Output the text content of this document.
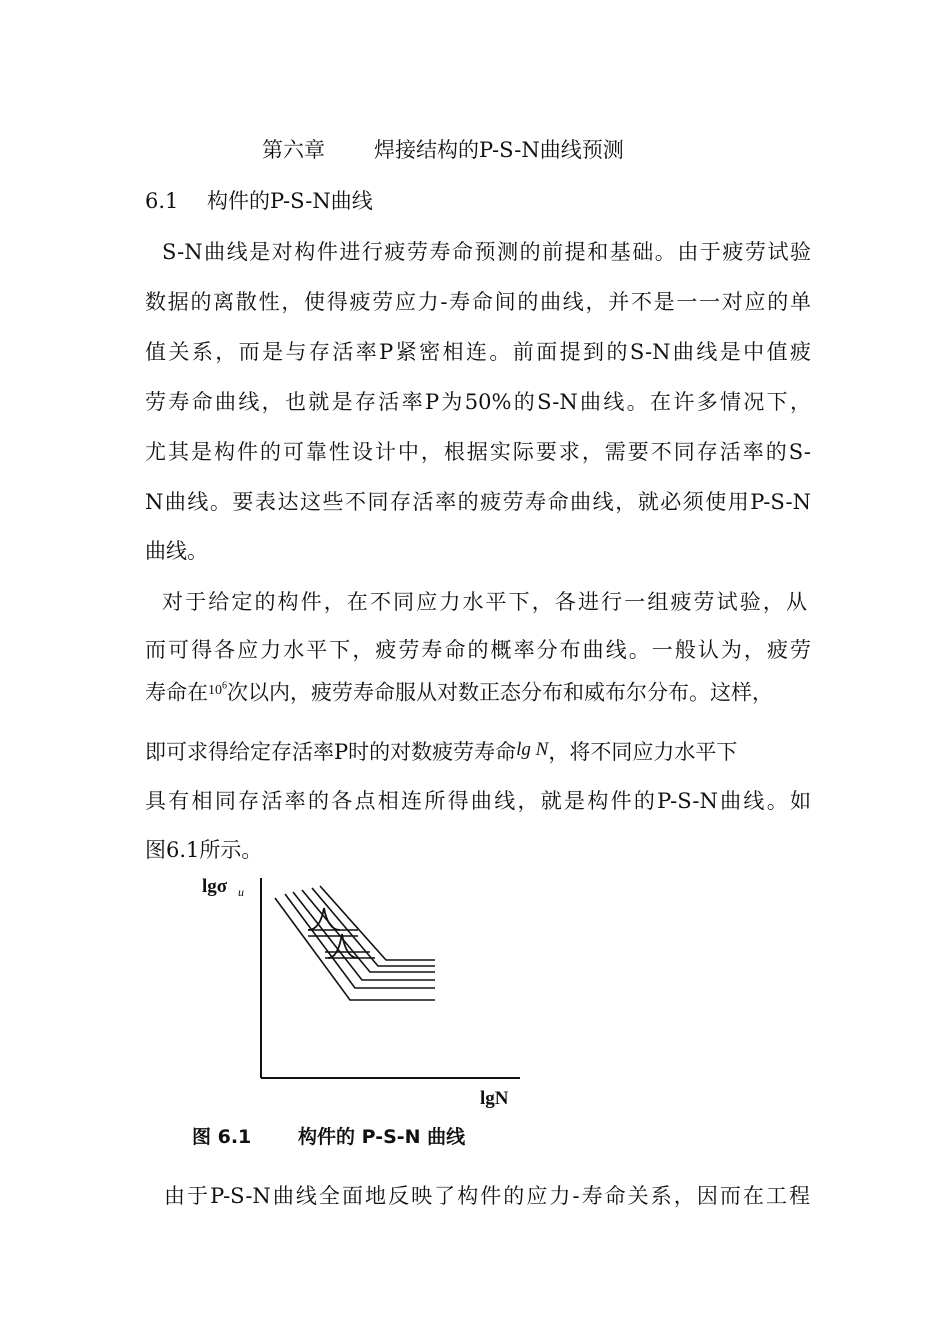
第六章 焊接结构的P-S-N曲线预测
6.1 构件的P-S-N曲线
S-N曲线是对构件进行疲劳寿命预测的前提和基础。由于疲劳试验
数据的离散性，使得疲劳应力-寿命间的曲线，并不是一一对应的单
值关系，而是与存活率P紧密相连。前面提到的S-N曲线是中值疲
劳寿命曲线，也就是存活率P为50%的S-N曲线。在许多情况下，
尤其是构件的可靠性设计中，根据实际要求，需要不同存活率的S-
N曲线。要表达这些不同存活率的疲劳寿命曲线，就必须使用P-S-N
曲线。
对于给定的构件，在不同应力水平下，各进行一组疲劳试验，从
而可得各应力水平下，疲劳寿命的概率分布曲线。一般认为，疲劳
寿命在$^{10^6}$次以内，疲劳寿命服从对数正态分布和威布尔分布。这样，
即可求得给定存活率P时的对数疲劳寿命lg N，将不同应力水平下
具有相同存活率的各点相连所得曲线，就是构件的P-S-N曲线。如
图6.1所示。
lgσ u
lgN
图 6.1 构件的 P-S-N 曲线
由于P-S-N曲线全面地反映了构件的应力-寿命关系，因而在工程
